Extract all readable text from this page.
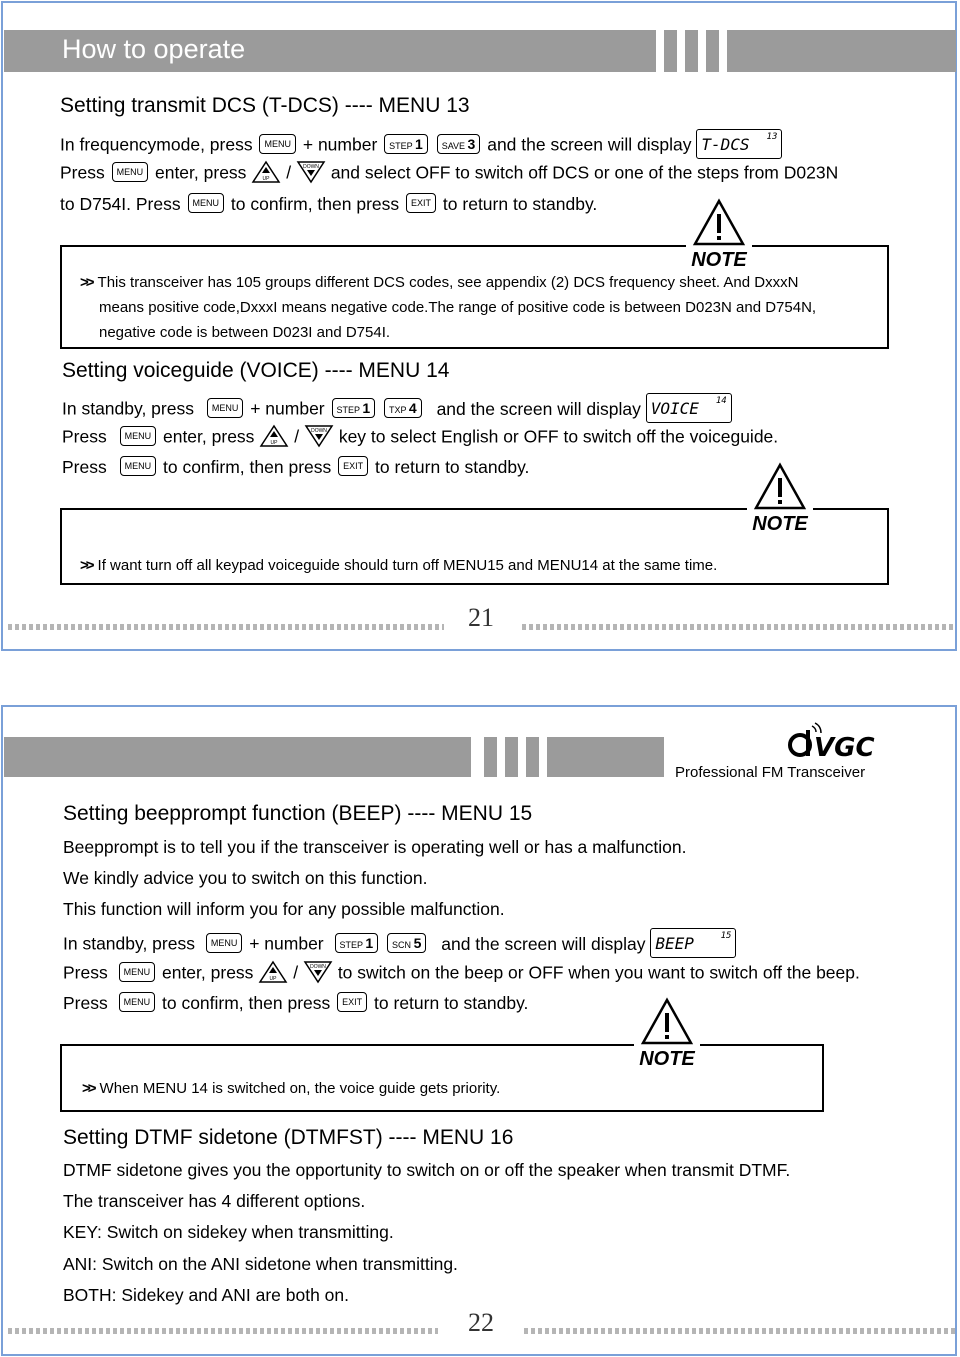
How to operate
Setting transmit DCS (T-DCS) ---- MENU 13
In frequencymode, press MENU + number STEP 1 SAVE 3 and the screen will display T-DCS 13
Press MENU enter, press	UP / DOWN and select OFF to switch off DCS or one of the steps from D023N
to D754I. Press MENU to confirm, then press EXIT to return to standby.
NOTE
>> This transceiver has 105 groups different DCS codes, see appendix (2) DCS frequency sheet. And DxxxN
means positive code,DxxxI means negative code.The range of positive code is between D023N and D754N,
negative code is between D023I and D754I.
Setting voiceguide (VOICE) ---- MENU 14
In standby, press MENU + number STEP 1 TXP 4 and the screen will display VOICE 14
Press MENU enter, press	UP / DOWN key to select English or OFF to switch off the voiceguide.
Press MENU to confirm, then press EXIT to return to standby.
NOTE
>> If want turn off all keypad voiceguide should turn off MENU15 and MENU14 at the same time.
21
VGC
Professional FM Transceiver
Setting beepprompt function (BEEP) ---- MENU 15
Beepprompt is to tell you if the transceiver is operating well or has a malfunction.
We kindly advice you to switch on this function.
This function will inform you for any possible malfunction.
In standby, press MENU + number STEP 1 SCN 5 and the screen will display BEEP	15
Press MENU enter, press	UP / DOWN to switch on the beep or OFF when you want to switch off the beep.
Press MENU to confirm, then press EXIT to return to standby.
NOTE
>> When MENU 14 is switched on, the voice guide gets priority.
Setting DTMF sidetone (DTMFST) ---- MENU 16
DTMF sidetone gives you the opportunity to switch on or off the speaker when transmit DTMF.
The transceiver has 4 different options.
KEY: Switch on sidekey when transmitting.
ANI: Switch on the ANI sidetone when transmitting.
BOTH: Sidekey and ANI are both on.
22
